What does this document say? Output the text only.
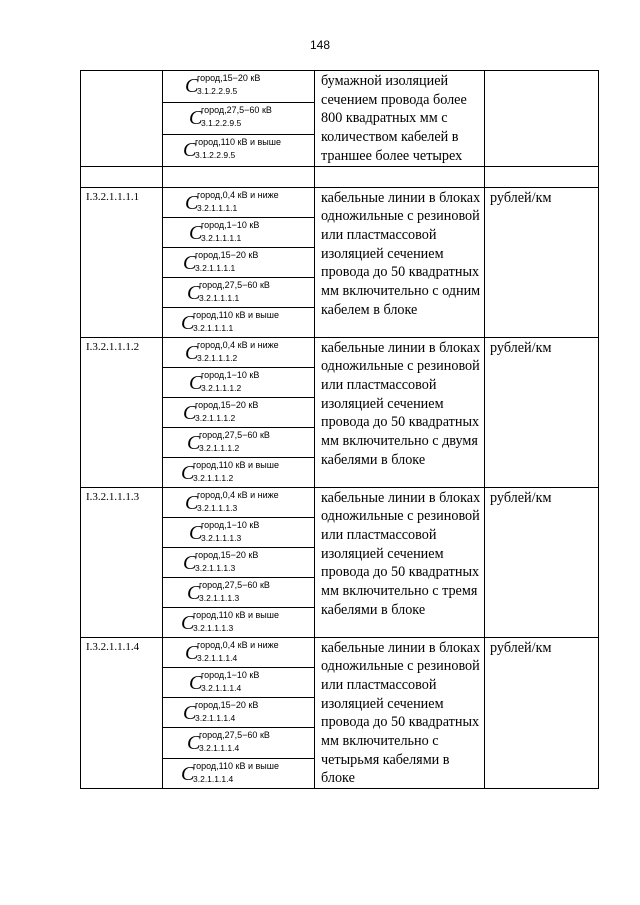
148

	C
город,15−20 кВ
3.1.2.2.9.5	бумажной изоляцией сечением провода более 800 квадратных мм с количеством кабелей в траншее более четырех	

	C
город,27,5−60 кВ
3.1.2.2.9.5		

	C
город,110 кВ и выше
3.1.2.2.9.5		

I.3.2.1.1.1.1	C
город,0,4 кВ и ниже
3.2.1.1.1.1	кабельные линии в блоках одножильные с резиновой или пластмассовой изоляцией сечением провода до 50 квадратных мм включительно с одним кабелем в блоке	рублей/км

	C
город,1−10 кВ
3.2.1.1.1.1		

	C
город,15−20 кВ
3.2.1.1.1.1		

	C
город,27,5−60 кВ
3.2.1.1.1.1		

	C
город,110 кВ и выше
3.2.1.1.1.1		

I.3.2.1.1.1.2	C
город,0,4 кВ и ниже
3.2.1.1.1.2	кабельные линии в блоках одножильные с резиновой или пластмассовой изоляцией сечением провода до 50 квадратных мм включительно с двумя кабелями в блоке	рублей/км

	C
город,1−10 кВ
3.2.1.1.1.2		

	C
город,15−20 кВ
3.2.1.1.1.2		

	C
город,27,5−60 кВ
3.2.1.1.1.2		

	C
город,110 кВ и выше
3.2.1.1.1.2		

I.3.2.1.1.1.3	C
город,0,4 кВ и ниже
3.2.1.1.1.3	кабельные линии в блоках одножильные с резиновой или пластмассовой изоляцией сечением провода до 50 квадратных мм включительно с тремя кабелями в блоке	рублей/км

	C
город,1−10 кВ
3.2.1.1.1.3		

	C
город,15−20 кВ
3.2.1.1.1.3		

	C
город,27,5−60 кВ
3.2.1.1.1.3		

	C
город,110 кВ и выше
3.2.1.1.1.3		

I.3.2.1.1.1.4	C
город,0,4 кВ и ниже
3.2.1.1.1.4	кабельные линии в блоках одножильные с резиновой или пластмассовой изоляцией сечением провода до 50 квадратных мм включительно с четырьмя кабелями в блоке	рублей/км

	C
город,1−10 кВ
3.2.1.1.1.4		

	C
город,15−20 кВ
3.2.1.1.1.4		

	C
город,27,5−60 кВ
3.2.1.1.1.4		

	C
город,110 кВ и выше
3.2.1.1.1.4		
